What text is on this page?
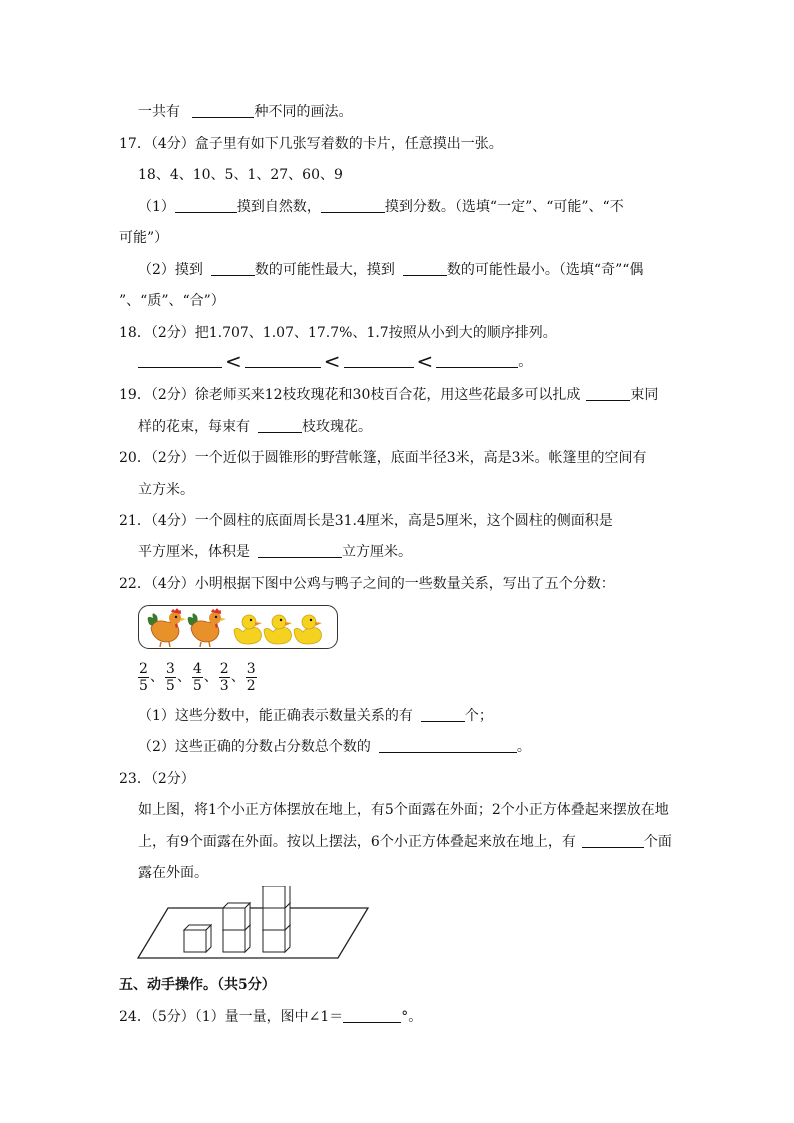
一共有	种不同的画法。
17．（4分）盒子里有如下几张写着数的卡片，任意摸出一张。
18、4、10、5、1、27、60、9
（1）	摸到自然数，	摸到分数。（选填“一定”、“可能”、“不
可能”）
（2）摸到	数的可能性最大，摸到	数的可能性最小。（选填“奇”“偶
”、“质”、“合”）
18．（2分）把1.707、1.07、17.7%、1.7按照从小到大的顺序排列。
<	<	<	。
19．（2分）徐老师买来12枝玫瑰花和30枝百合花，用这些花最多可以扎成	束同
样的花束，每束有	枝玫瑰花。
20．（2分）一个近似于圆锥形的野营帐篷，底面半径3米，高是3米。帐篷里的空间有
立方米。
21．（4分）一个圆柱的底面周长是31.4厘米，高是5厘米，这个圆柱的侧面积是
平方厘米，体积是	立方厘米。
22．（4分）小明根据下图中公鸡与鸭子之间的一些数量关系，写出了五个分数：
$\frac{2}{5}$ 、 $\frac{3}{5}$ 、 $\frac{4}{5}$ 、 $\frac{2}{3}$ 、 $\frac{3}{2}$
（1）这些分数中，能正确表示数量关系的有	个；
（2）这些正确的分数占分数总个数的	。
23．（2分）
如上图，将1个小正方体摆放在地上，有5个面露在外面；2个小正方体叠起来摆放在地
上，有9个面露在外面。按以上摆法，6个小正方体叠起来放在地上，有	个面
露在外面。
五、动手操作。（共5分）
24．（5分）（1）量一量，图中∠1＝	°。
